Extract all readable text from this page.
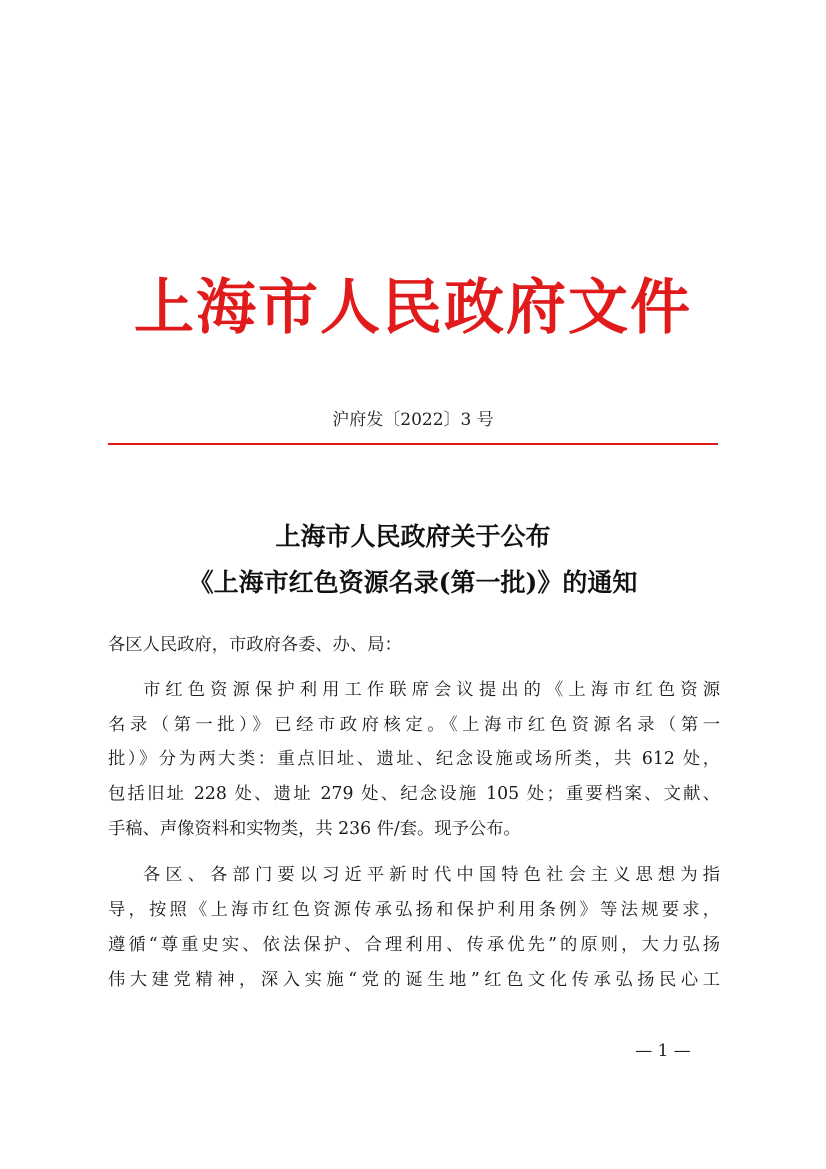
上海市人民政府文件
沪府发〔2022〕3 号
上海市人民政府关于公布
《上海市红色资源名录(第一批)》的通知
各区人民政府，市政府各委、办、局：
市红色资源保护利用工作联席会议提出的《上海市红色资源
名录（第一批）》已经市政府核定。《上海市红色资源名录（第一
批）》分为两大类：重点旧址、遗址、纪念设施或场所类，共 612 处，
包括旧址 228 处、遗址 279 处、纪念设施 105 处；重要档案、文献、
手稿、声像资料和实物类，共 236 件/套。现予公布。
各区、各部门要以习近平新时代中国特色社会主义思想为指
导，按照《上海市红色资源传承弘扬和保护利用条例》等法规要求，
遵循“尊重史实、依法保护、合理利用、传承优先”的原则，大力弘扬
伟大建党精神，深入实施“党的诞生地”红色文化传承弘扬民心工
— 1 —
